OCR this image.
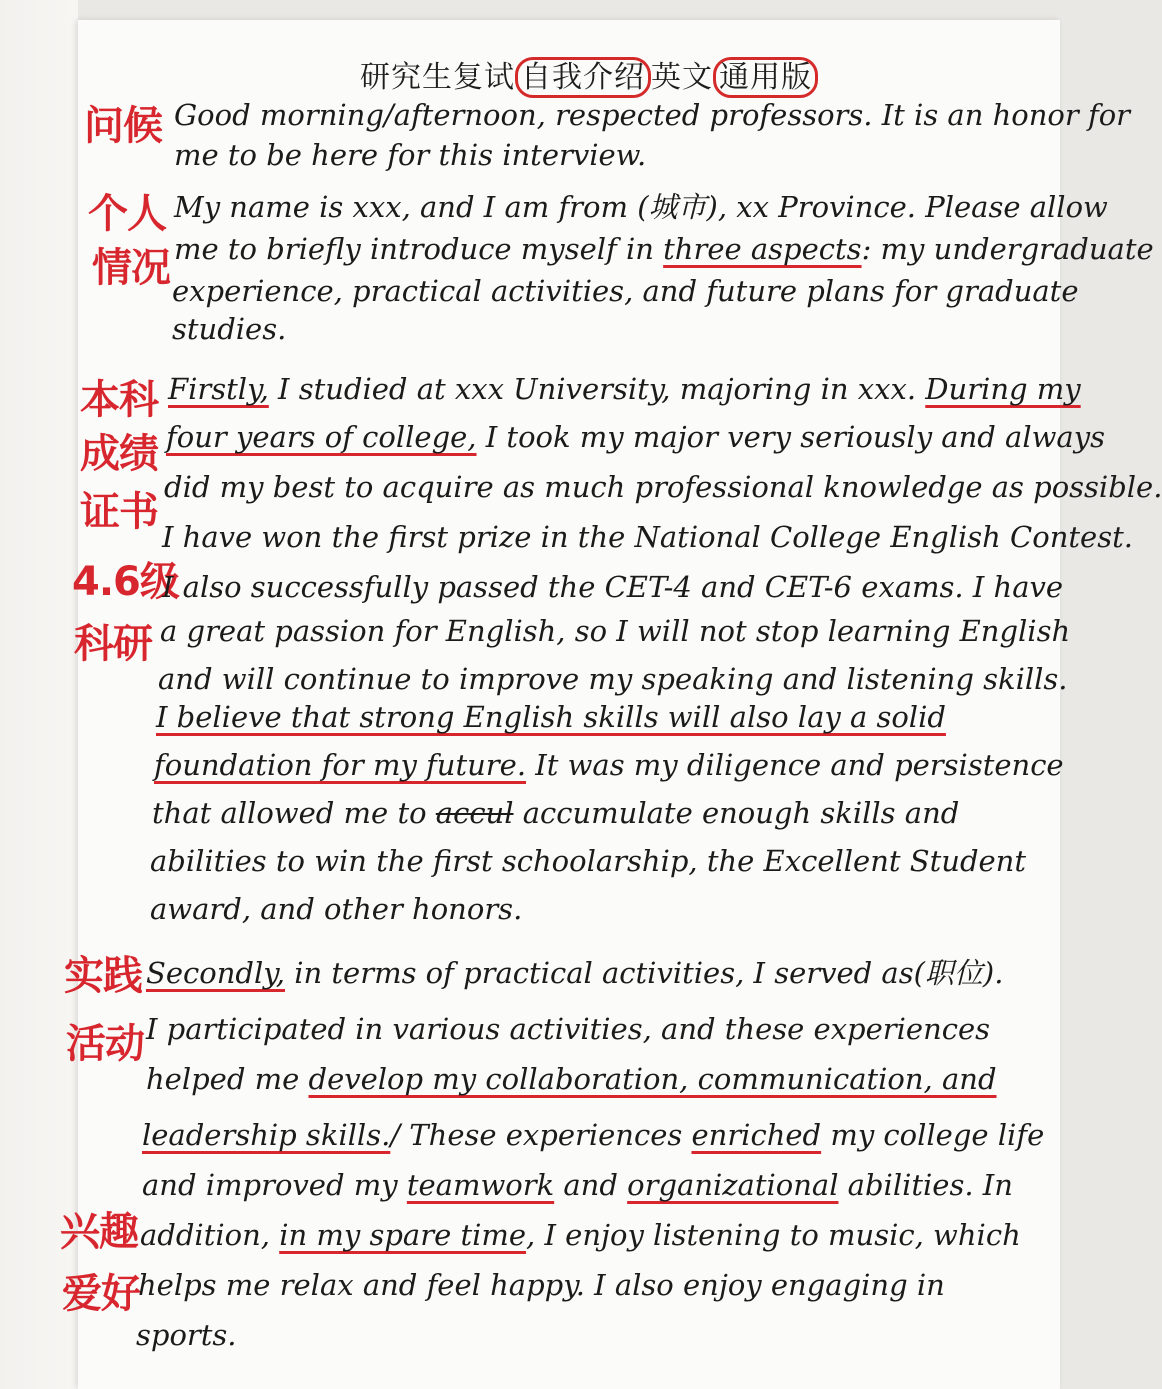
研究生复试 自我介绍 英文 通用版
问候
个人
情况
本科
成绩
证书
4.6级
科研
实践
活动
兴趣
爱好
Good morning/afternoon, respected professors. It is an honor for
me to be here for this interview.
My name is xxx, and I am from (城市), xx Province. Please allow
me to briefly introduce myself in three aspects: my undergraduate
experience, practical activities, and future plans for graduate
studies.
Firstly, I studied at xxx University, majoring in xxx. During my
four years of college, I took my major very seriously and always
did my best to acquire as much professional knowledge as possible.
I have won the first prize in the National College English Contest.
I also successfully passed the CET-4 and CET-6 exams. I have
a great passion for English, so I will not stop learning English
and will continue to improve my speaking and listening skills.
I believe that strong English skills will also lay a solid
foundation for my future. It was my diligence and persistence
that allowed me to accul accumulate enough skills and
abilities to win the first schoolarship, the Excellent Student
award, and other honors.
Secondly, in terms of practical activities, I served as(职位).
I participated in various activities, and these experiences
helped me develop my collaboration, communication, and
leadership skills./ These experiences enriched my college life
and improved my teamwork and organizational abilities. In
addition, in my spare time, I enjoy listening to music, which
helps me relax and feel happy. I also enjoy engaging in
sports.
